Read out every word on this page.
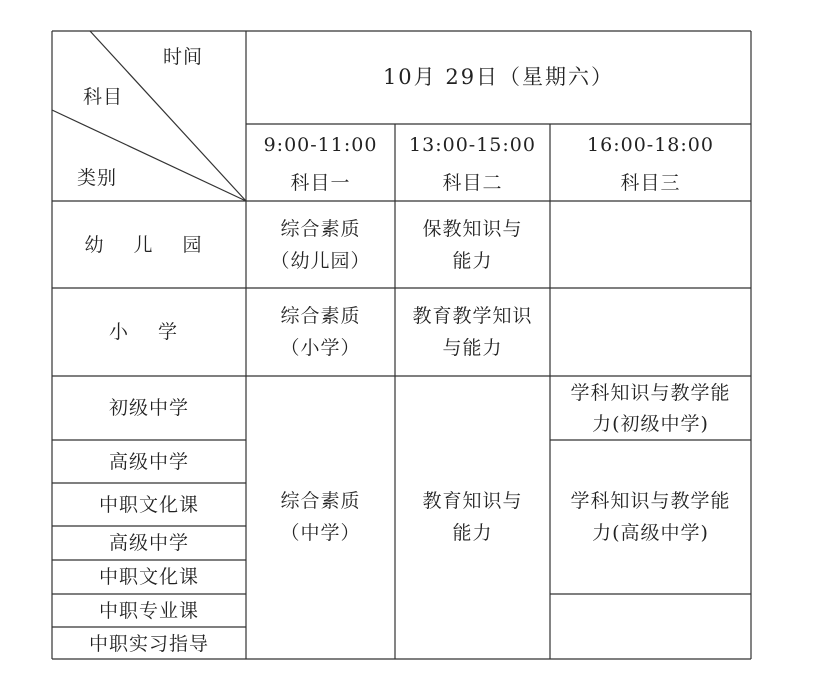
时间
科目
类别
10月 29日（星期六）
9:00-11:00
科目一
13:00-15:00
科目二
16:00-18:00
科目三
幼 儿 园
综合素质
（幼儿园）
保教知识与
能力
小 学
综合素质
（小学）
教育教学知识
与能力
初级中学
高级中学
中职文化课
高级中学
中职文化课
中职专业课
中职实习指导
综合素质
（中学）
教育知识与
能力
学科知识与教学能
力(初级中学)
学科知识与教学能
力(高级中学)
